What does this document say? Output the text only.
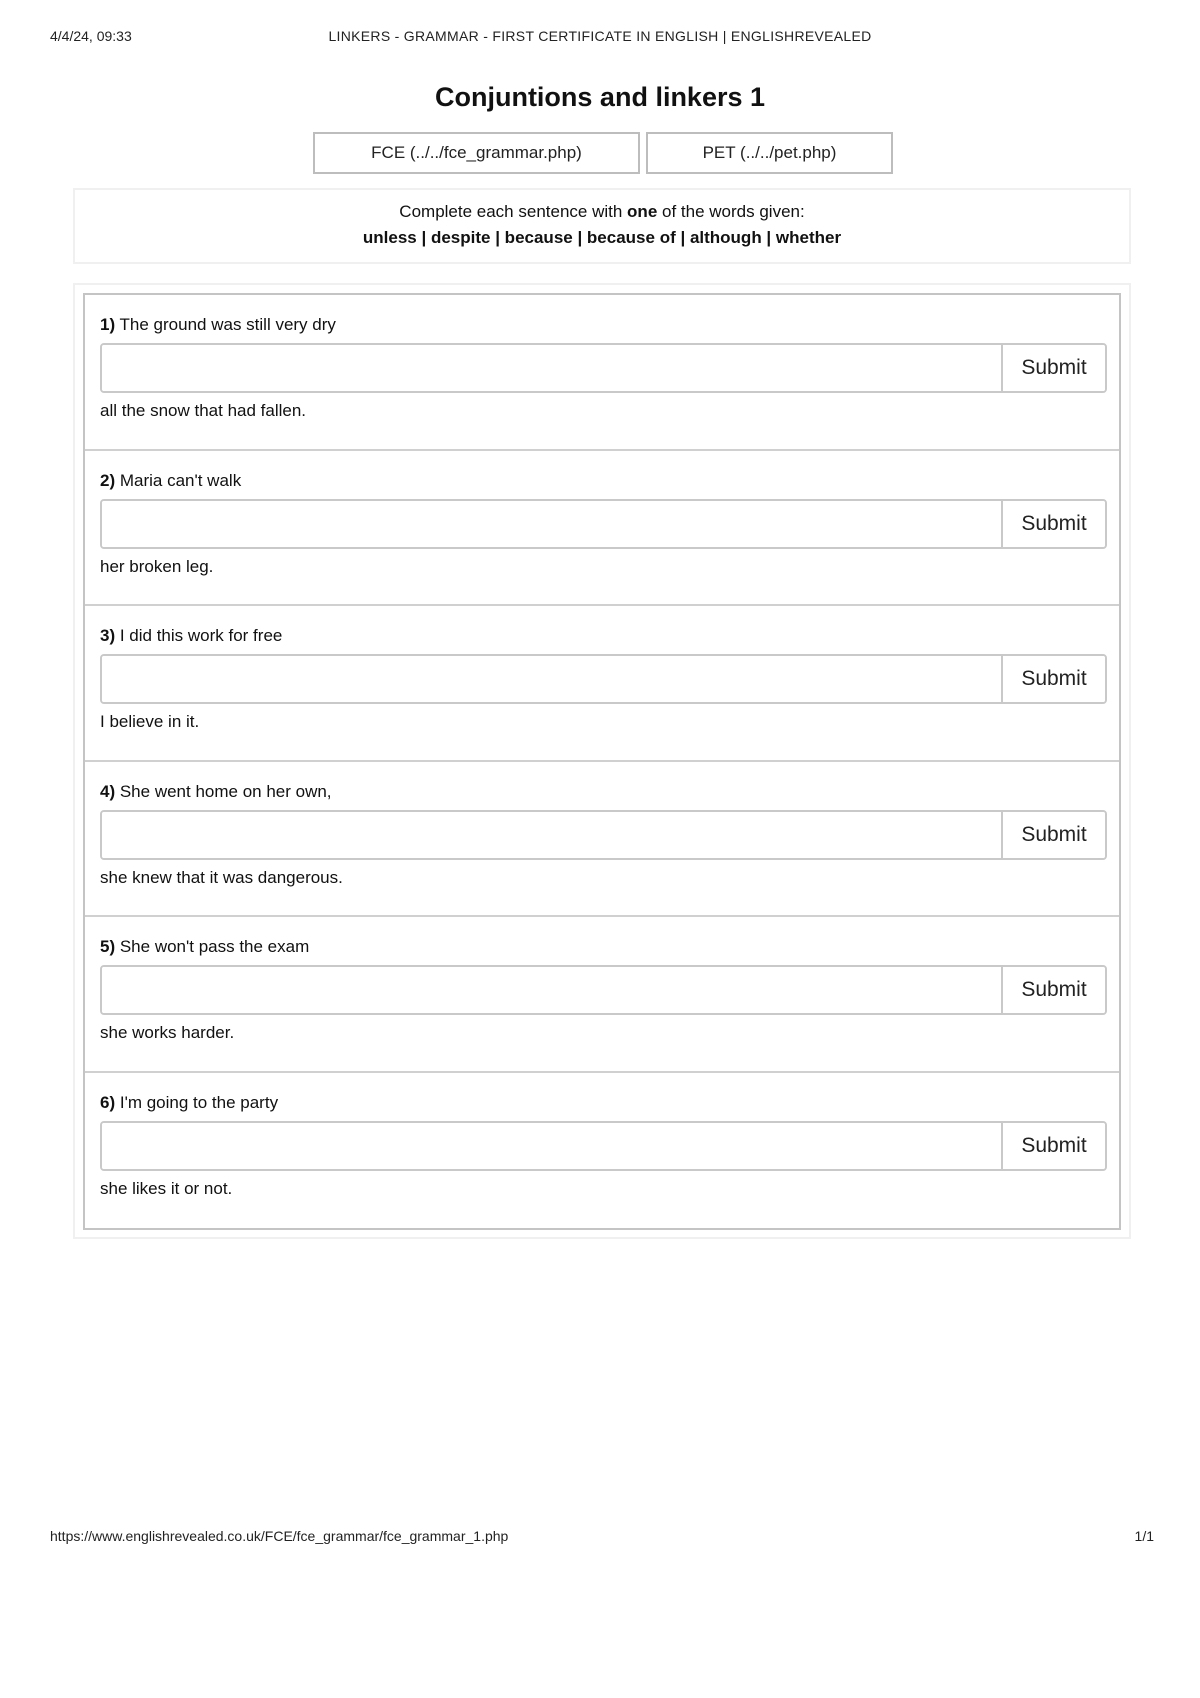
4/4/24, 09:33	LINKERS - GRAMMAR - FIRST CERTIFICATE IN ENGLISH | ENGLISHREVEALED
Conjuntions and linkers 1
FCE (../../fce_grammar.php)	PET (../../pet.php)
Complete each sentence with one of the words given:
unless | despite | because | because of | although | whether
1) The ground was still very dry
Submit
all the snow that had fallen.
2) Maria can't walk
Submit
her broken leg.
3) I did this work for free
Submit
I believe in it.
4) She went home on her own,
Submit
she knew that it was dangerous.
5) She won't pass the exam
Submit
she works harder.
6) I'm going to the party
Submit
she likes it or not.
https://www.englishrevealed.co.uk/FCE/fce_grammar/fce_grammar_1.php	1/1
